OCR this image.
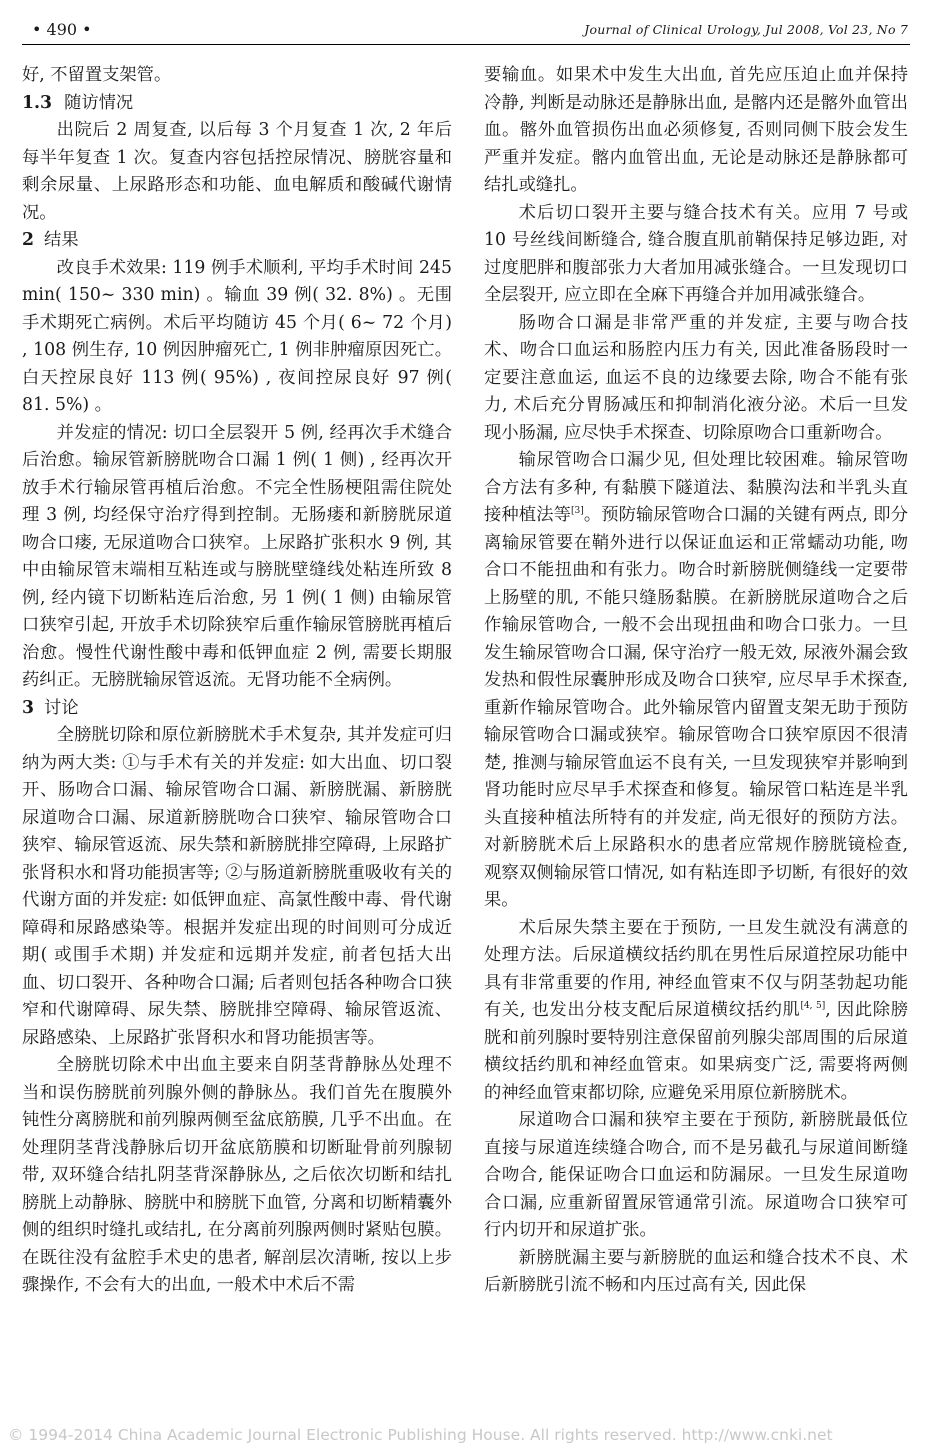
• 490 •	Journal of Clinical Urology, Jul 2008, Vol 23, No 7

好, 不留置支架管。

1.3 随访情况

出院后 2 周复查, 以后每 3 个月复查 1 次, 2 年后每半年复查 1 次。复查内容包括控尿情况、膀胱容量和剩余尿量、上尿路形态和功能、血电解质和酸碱代谢情况。

2 结果

改良手术效果: 119 例手术顺利, 平均手术时间 245 min( 150~ 330 min) 。输血 39 例( 32. 8%) 。无围手术期死亡病例。术后平均随访 45 个月( 6~ 72 个月) , 108 例生存, 10 例因肿瘤死亡, 1 例非肿瘤原因死亡。白天控尿良好 113 例( 95%) , 夜间控尿良好 97 例( 81. 5%) 。

并发症的情况: 切口全层裂开 5 例, 经再次手术缝合后治愈。输尿管新膀胱吻合口漏 1 例( 1 侧) , 经再次开放手术行输尿管再植后治愈。不完全性肠梗阻需住院处理 3 例, 均经保守治疗得到控制。无肠瘘和新膀胱尿道吻合口瘘, 无尿道吻合口狭窄。上尿路扩张积水 9 例, 其中由输尿管末端相互粘连或与膀胱壁缝线处粘连所致 8 例, 经内镜下切断粘连后治愈, 另 1 例( 1 侧) 由输尿管口狭窄引起, 开放手术切除狭窄后重作输尿管膀胱再植后治愈。慢性代谢性酸中毒和低钾血症 2 例, 需要长期服药纠正。无膀胱输尿管返流。无肾功能不全病例。

3 讨论

全膀胱切除和原位新膀胱术手术复杂, 其并发症可归纳为两大类: ①与手术有关的并发症: 如大出血、切口裂开、肠吻合口漏、输尿管吻合口漏、新膀胱漏、新膀胱尿道吻合口漏、尿道新膀胱吻合口狭窄、输尿管吻合口狭窄、输尿管返流、尿失禁和新膀胱排空障碍, 上尿路扩张肾积水和肾功能损害等; ②与肠道新膀胱重吸收有关的代谢方面的并发症: 如低钾血症、高氯性酸中毒、骨代谢障碍和尿路感染等。根据并发症出现的时间则可分成近期( 或围手术期) 并发症和远期并发症, 前者包括大出血、切口裂开、各种吻合口漏; 后者则包括各种吻合口狭窄和代谢障碍、尿失禁、膀胱排空障碍、输尿管返流、尿路感染、上尿路扩张肾积水和肾功能损害等。

全膀胱切除术中出血主要来自阴茎背静脉丛处理不当和误伤膀胱前列腺外侧的静脉丛。我们首先在腹膜外钝性分离膀胱和前列腺两侧至盆底筋膜, 几乎不出血。在处理阴茎背浅静脉后切开盆底筋膜和切断耻骨前列腺韧带, 双环缝合结扎阴茎背深静脉丛, 之后依次切断和结扎膀胱上动静脉、膀胱中和膀胱下血管, 分离和切断精囊外侧的组织时缝扎或结扎, 在分离前列腺两侧时紧贴包膜。在既往没有盆腔手术史的患者, 解剖层次清晰, 按以上步骤操作, 不会有大的出血, 一般术中术后不需

要输血。如果术中发生大出血, 首先应压迫止血并保持冷静, 判断是动脉还是静脉出血, 是髂内还是髂外血管出血。髂外血管损伤出血必须修复, 否则同侧下肢会发生严重并发症。髂内血管出血, 无论是动脉还是静脉都可结扎或缝扎。

术后切口裂开主要与缝合技术有关。应用 7 号或 10 号丝线间断缝合, 缝合腹直肌前鞘保持足够边距, 对过度肥胖和腹部张力大者加用减张缝合。一旦发现切口全层裂开, 应立即在全麻下再缝合并加用减张缝合。

肠吻合口漏是非常严重的并发症, 主要与吻合技术、吻合口血运和肠腔内压力有关, 因此准备肠段时一定要注意血运, 血运不良的边缘要去除, 吻合不能有张力, 术后充分胃肠减压和抑制消化液分泌。术后一旦发现小肠漏, 应尽快手术探查、切除原吻合口重新吻合。

输尿管吻合口漏少见, 但处理比较困难。输尿管吻合方法有多种, 有黏膜下隧道法、黏膜沟法和半乳头直接种植法等[3]。预防输尿管吻合口漏的关键有两点, 即分离输尿管要在鞘外进行以保证血运和正常蠕动功能, 吻合口不能扭曲和有张力。吻合时新膀胱侧缝线一定要带上肠壁的肌, 不能只缝肠黏膜。在新膀胱尿道吻合之后作输尿管吻合, 一般不会出现扭曲和吻合口张力。一旦发生输尿管吻合口漏, 保守治疗一般无效, 尿液外漏会致发热和假性尿囊肿形成及吻合口狭窄, 应尽早手术探查, 重新作输尿管吻合。此外输尿管内留置支架无助于预防输尿管吻合口漏或狭窄。输尿管吻合口狭窄原因不很清楚, 推测与输尿管血运不良有关, 一旦发现狭窄并影响到肾功能时应尽早手术探查和修复。输尿管口粘连是半乳头直接种植法所特有的并发症, 尚无很好的预防方法。对新膀胱术后上尿路积水的患者应常规作膀胱镜检查, 观察双侧输尿管口情况, 如有粘连即予切断, 有很好的效果。

术后尿失禁主要在于预防, 一旦发生就没有满意的处理方法。后尿道横纹括约肌在男性后尿道控尿功能中具有非常重要的作用, 神经血管束不仅与阴茎勃起功能有关, 也发出分枝支配后尿道横纹括约肌[4, 5], 因此除膀胱和前列腺时要特别注意保留前列腺尖部周围的后尿道横纹括约肌和神经血管束。如果病变广泛, 需要将两侧的神经血管束都切除, 应避免采用原位新膀胱术。

尿道吻合口漏和狭窄主要在于预防, 新膀胱最低位直接与尿道连续缝合吻合, 而不是另截孔与尿道间断缝合吻合, 能保证吻合口血运和防漏尿。一旦发生尿道吻合口漏, 应重新留置尿管通常引流。尿道吻合口狭窄可行内切开和尿道扩张。

新膀胱漏主要与新膀胱的血运和缝合技术不良、术后新膀胱引流不畅和内压过高有关, 因此保

© 1994-2014 China Academic Journal Electronic Publishing House. All rights reserved. http://www.cnki.net
